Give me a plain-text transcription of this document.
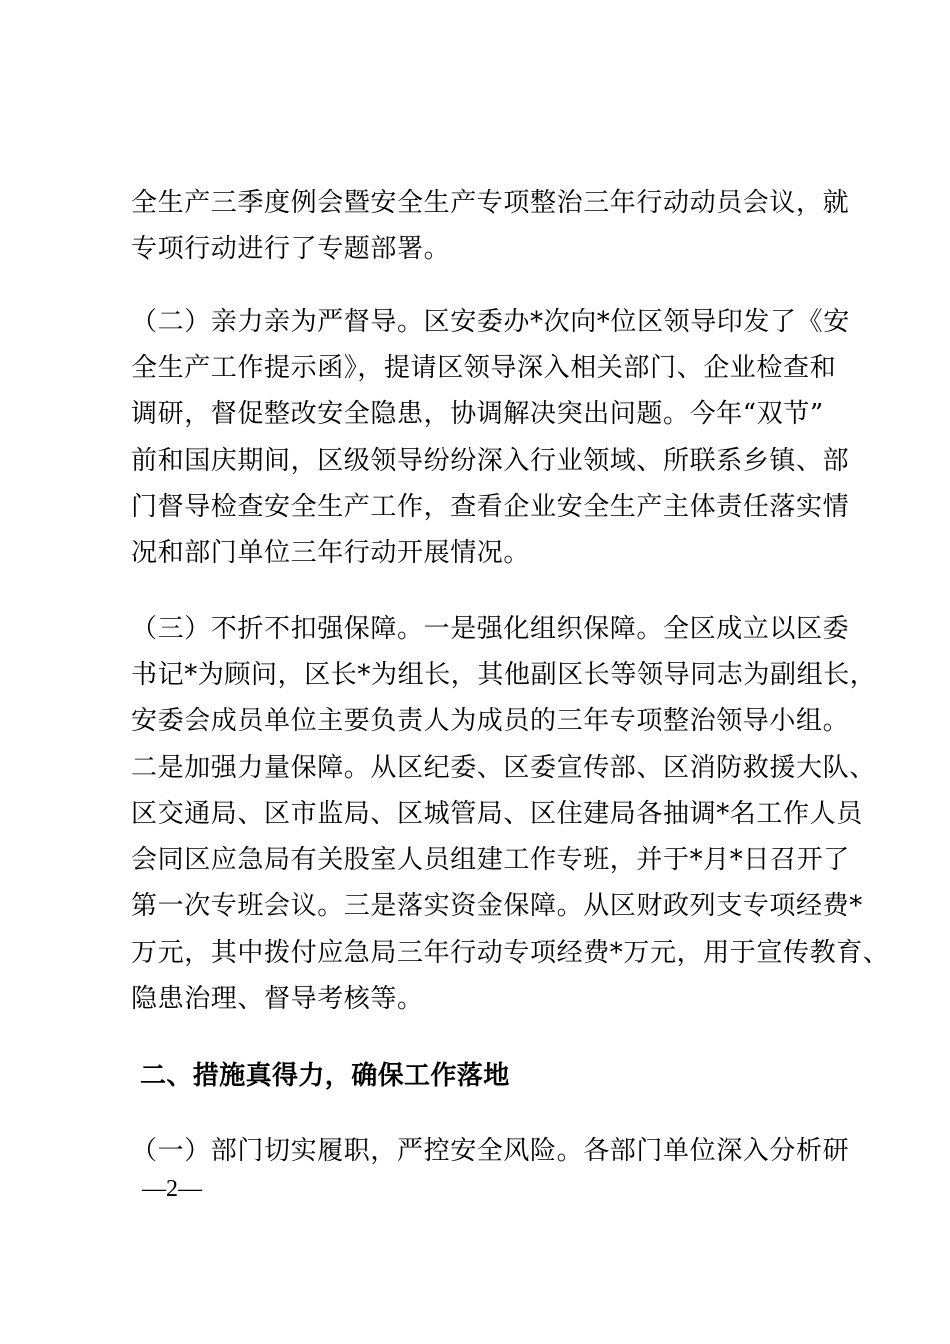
全生产三季度例会暨安全生产专项整治三年行动动员会议，就
专项行动进行了专题部署。
（二）亲力亲为严督导。区安委办*次向*位区领导印发了《安
全生产工作提示函》，提请区领导深入相关部门、企业检查和
调研，督促整改安全隐患，协调解决突出问题。今年“双节”
前和国庆期间，区级领导纷纷深入行业领域、所联系乡镇、部
门督导检查安全生产工作，查看企业安全生产主体责任落实情
况和部门单位三年行动开展情况。
（三）不折不扣强保障。一是强化组织保障。全区成立以区委
书记*为顾问，区长*为组长，其他副区长等领导同志为副组长，
安委会成员单位主要负责人为成员的三年专项整治领导小组。
二是加强力量保障。从区纪委、区委宣传部、区消防救援大队、
区交通局、区市监局、区城管局、区住建局各抽调*名工作人员
会同区应急局有关股室人员组建工作专班，并于*月*日召开了
第一次专班会议。三是落实资金保障。从区财政列支专项经费*
万元，其中拨付应急局三年行动专项经费*万元，用于宣传教育、
隐患治理、督导考核等。
二、措施真得力，确保工作落地
（一）部门切实履职，严控安全风险。各部门单位深入分析研
—2—
